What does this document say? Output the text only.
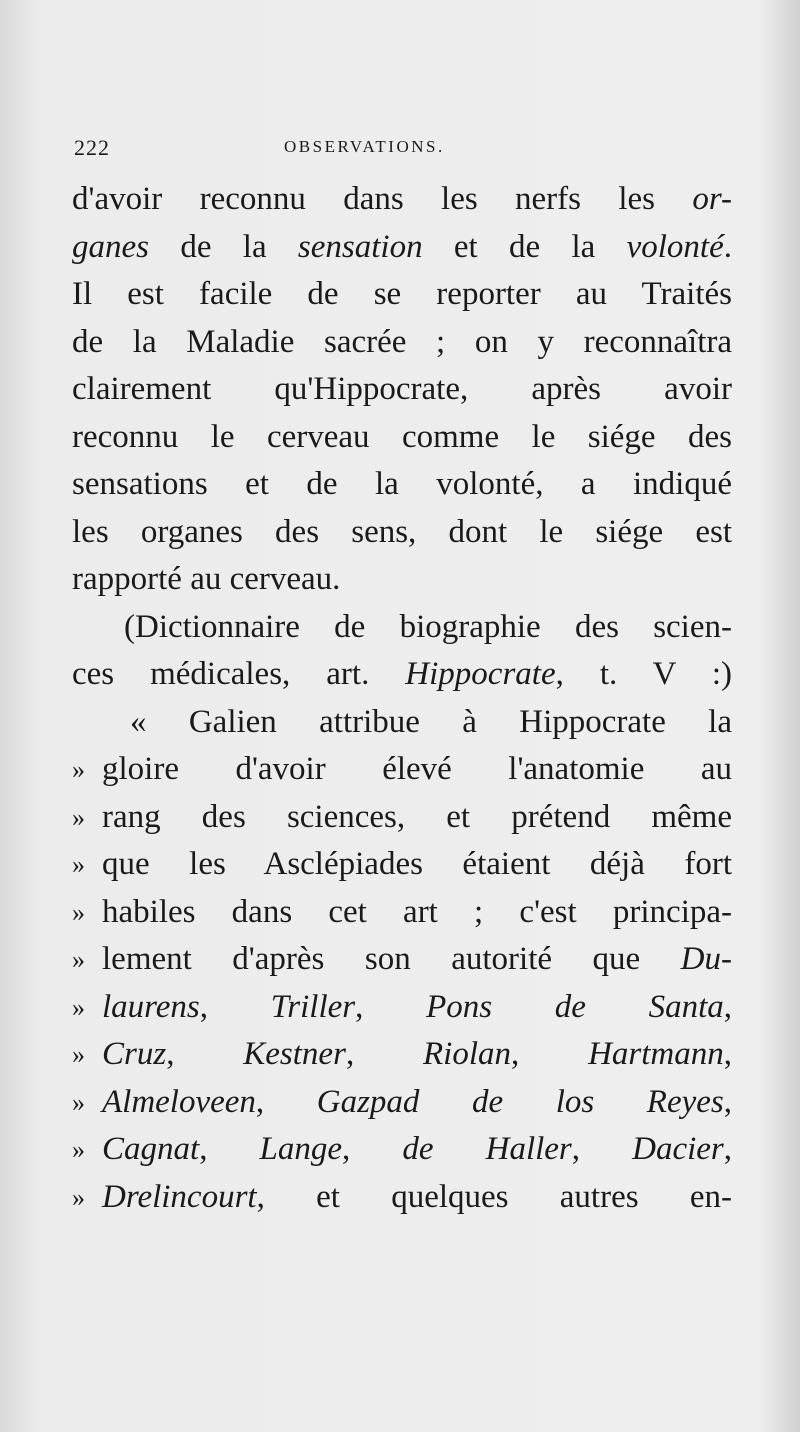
222	OBSERVATIONS.
d'avoir reconnu dans les nerfs les or-
ganes de la sensation et de la volonté.
Il est facile de se reporter au Traités
de la Maladie sacrée ; on y reconnaîtra
clairement qu'Hippocrate, après avoir
reconnu le cerveau comme le siége des
sensations et de la volonté, a indiqué
les organes des sens, dont le siége est
rapporté au cerveau.
(Dictionnaire de biographie des scien-
ces médicales, art. Hippocrate, t. V :)
« Galien attribue à Hippocrate la
» gloire d'avoir élevé l'anatomie au
» rang des sciences, et prétend même
» que les Asclépiades étaient déjà fort
» habiles dans cet art ; c'est principa-
» lement d'après son autorité que Du-
» laurens, Triller, Pons de Santa,
» Cruz, Kestner, Riolan, Hartmann,
» Almeloveen, Gazpad de los Reyes,
» Cagnat, Lange, de Haller, Dacier,
» Drelincourt, et quelques autres en-
